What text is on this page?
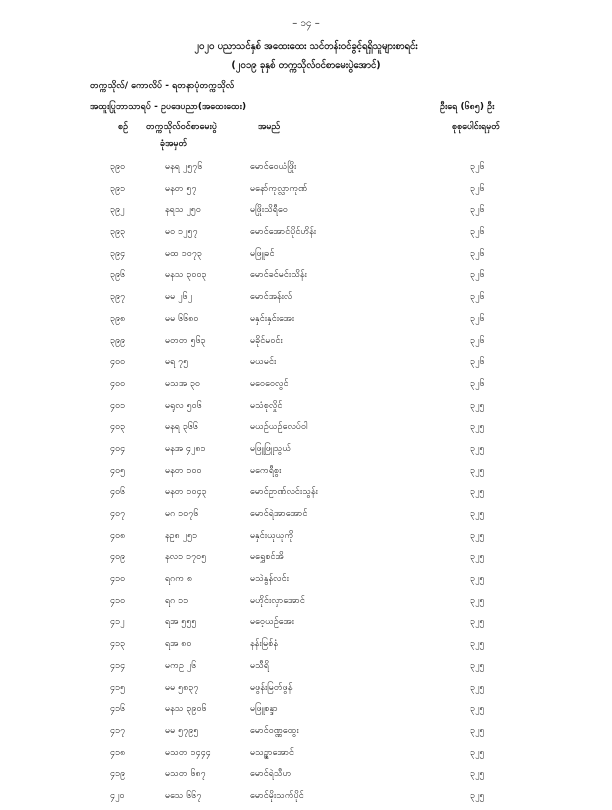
– ၁၄ –
၂၀၂၀ ပညာသင်နှစ် အထေးထေး သင်တန်းဝင်ခွင့်ရရှိသူများစာရင်း
(၂၀၁၉ ခုနှစ် တက္ကသိုလ်ဝင်စာမေးပွဲအောင်)
တက္ကသိုလ်/ ကောလိပ် - ရတနာပုံတက္ကသိုလ်
အထူးပြုဘာသာရပ် - ဥပဒေပညာ(အထေးထေး)	ဦးရေ (၆၈၅) ဦး
စဉ် တက္ကသိုလ်ဝင်စာမေးပွဲ
ခုံအမှတ်
အမည်	စုစုပေါင်းရမှတ်
၃၉၀	မနရ ၂၅၇၆	မောင်ဝေယံဖြိုး	၃၂၆
၃၉၁	မနတ ၅၇	မနော်ကုလ္လာကုဏ်	၃၂၆
၃၉၂	နရသ ၂၅၀	မဖြိုးသိရီဝေ	၃၂၆
၃၉၃	မဝ ၁၂၅၇	မောင်အောင်ပိုင်ဟိန်း	၃၂၆
၃၉၄	မထ ၁၀၇၃	မဖြူခင်	၃၂၆
၃၉၆	မနသ ၃၀၀၃	မောင်ခင်မင်းသိန်း	၃၂၆
၃၉၇	မမ ၂၆၂	မောင်အန်းလ်	၃၂၆
၃၉၈	မမ ၆၆၈၀	မနှင်းနှင်းအေး	၃၂၆
၃၉၉	မတတ ၅၆၃	မခိုင်မဝင်း	၃၂၆
၄၀၀	မရ ၇၅	မယမင်း	၃၂၆
၄၀၀	မသအ ၃၀	မဝေဝေလွင်	၃၂၆
၄၀၁	မရုလ ၅၀၆	မသံစုလှိုင်	၃၂၅
၄၀၃	မနရ ၃၆၆	မယဉ်ယဉ်လေပ်ဝါ	၃၂၅
၄၀၄	မနအ ၄၂၈၁	မဖြူဖြူသွယ်	၃၂၅
၄၀၅	မနတ ၁၀၀	မကေရီစွး	၃၂၅
၄၀၆	မနတ ၁၀၄၃	မောင်ဥာဏ်လင်းသွန်း	၃၂၅
၄၀၇	မဂ ၁၀၇၆	မောင်ရဲအာအောင်	၃၂၅
၄၀၈	နဥ၈ ၂၅၁	မနှင်းယုယုကို	၃၂၅
၄၀၉	နလ၁ ၁၇၀၅	မရွှေစင်အိ	၃၂၅
၄၁၀	ရဂက ၈	မသဲနွန်လင်း	၃၂၅
၄၁၀	ရဂ ၁၁	မဟိုင်းလှာအောင်	၃၂၅
၄၁၂	ရအ ၅၅၅	မဝေ့ယဉ်အေး	၃၂၅
၄၁၃	ရအ ၈၀	နန်းမြစ်နံ	၃၂၅
၄၁၄	မကဥ ၂၆	မသီရိ	၃၂၅
၄၁၅	မမ ၅၈၃၇	မဖွန်းမြတ်ဖွန်	၃၂၅
၄၁၆	မနသ ၃၉၀၆	မဖြူစန္ဒာ	၃၂၅
၄၁၇	မမ ၅၇၉၅	မောင်ဝဏ္ဏထွေး	၃၂၅
၄၁၈	မသတ ၁၄၄၄	မသဥ္ဇာအောင်	၃၂၅
၄၁၉	မသတ ၆၈၇	မောင်ရဲသီဟ	၃၂၅
၄၂၀	မသေ ၆၆၇	မောင်မိုးသက်ပိုင်	၃၂၅
